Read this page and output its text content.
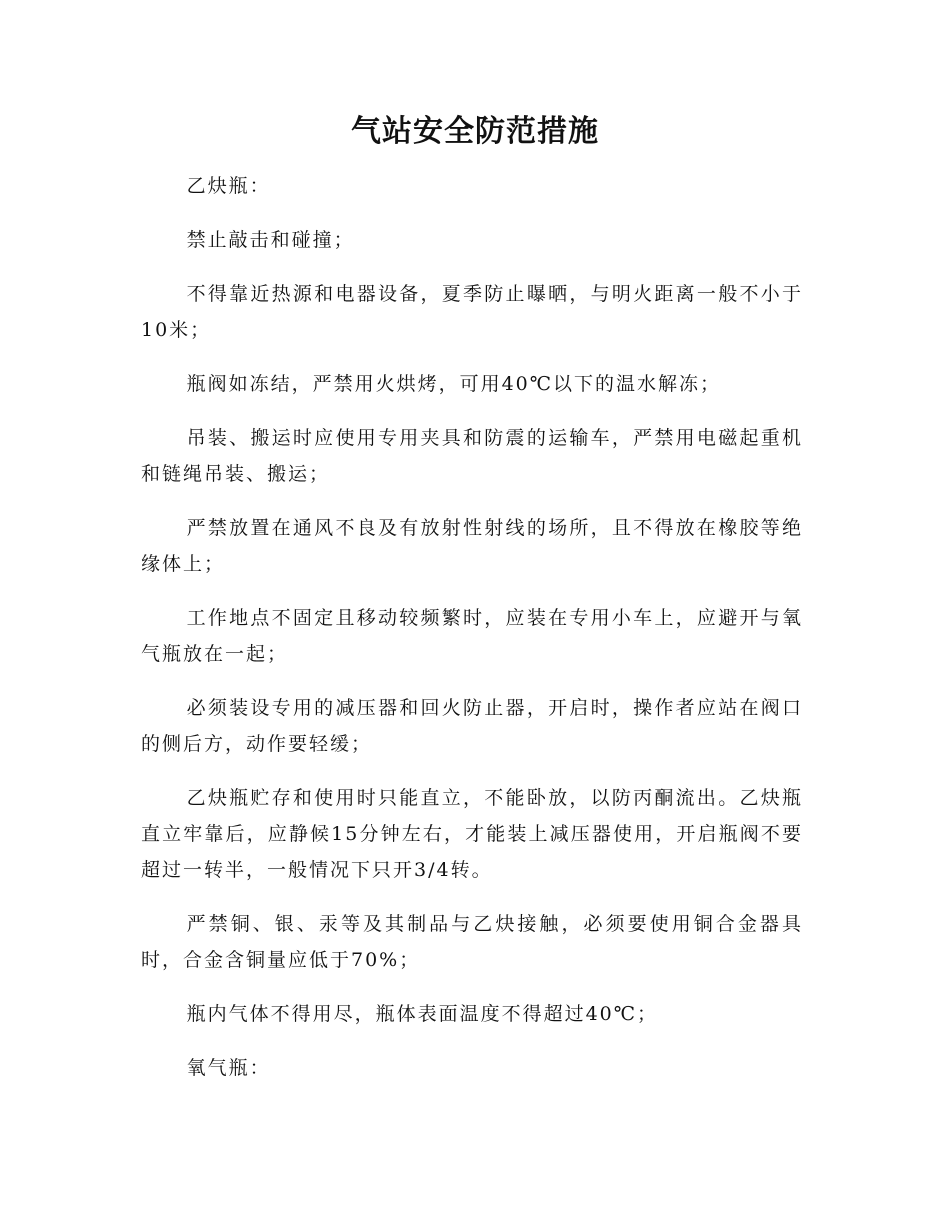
气站安全防范措施

乙炔瓶：

禁止敲击和碰撞；

不得靠近热源和电器设备，夏季防止曝晒，与明火距离一般不小于10米；

瓶阀如冻结，严禁用火烘烤，可用40℃以下的温水解冻；

吊装、搬运时应使用专用夹具和防震的运输车，严禁用电磁起重机和链绳吊装、搬运；

严禁放置在通风不良及有放射性射线的场所，且不得放在橡胶等绝缘体上；

工作地点不固定且移动较频繁时，应装在专用小车上，应避开与氧气瓶放在一起；

必须装设专用的减压器和回火防止器，开启时，操作者应站在阀口的侧后方，动作要轻缓；

乙炔瓶贮存和使用时只能直立，不能卧放，以防丙酮流出。乙炔瓶直立牢靠后，应静候15分钟左右，才能装上减压器使用，开启瓶阀不要超过一转半，一般情况下只开3/4转。

严禁铜、银、汞等及其制品与乙炔接触，必须要使用铜合金器具时，合金含铜量应低于70%；

瓶内气体不得用尽，瓶体表面温度不得超过40℃；

氧气瓶：
